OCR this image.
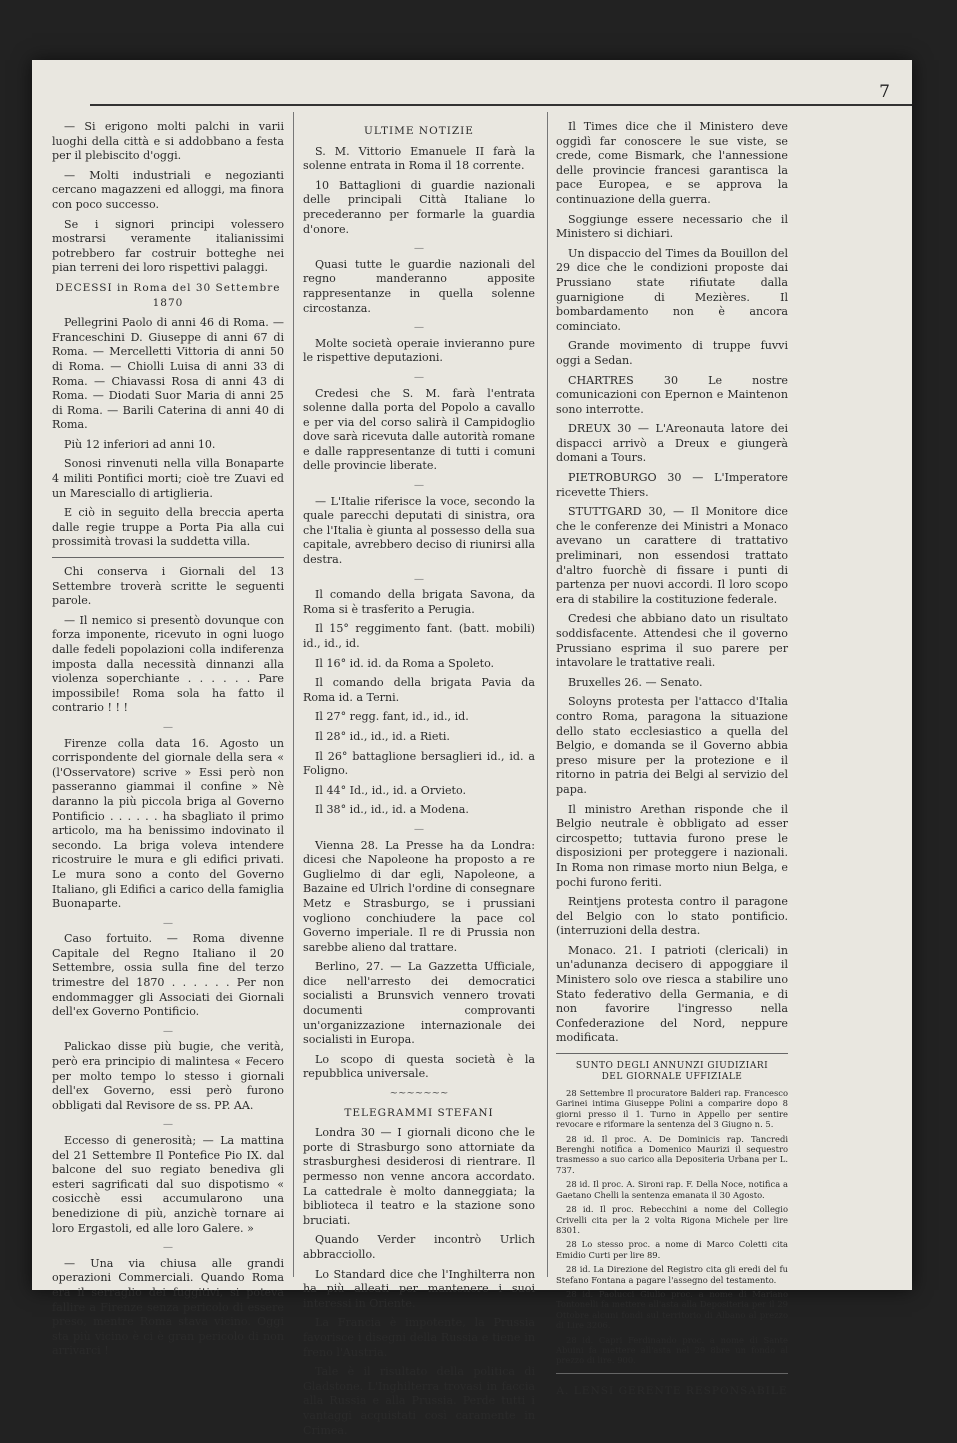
7

— Si erigono molti palchi in varii luoghi della città e si addobbano a festa per il plebiscito d'oggi.

— Molti industriali e negozianti cercano magazzeni ed alloggi, ma finora con poco successo.

Se i signori principi volessero mostrarsi veramente italianissimi potrebbero far costruir botteghe nei pian terreni dei loro rispettivi palaggi.

DECESSI in Roma del 30 Settembre 1870

Pellegrini Paolo di anni 46 di Roma. — Franceschini D. Giuseppe di anni 67 di Roma. — Mercelletti Vittoria di anni 50 di Roma. — Chiolli Luisa di anni 33 di Roma. — Chiavassi Rosa di anni 43 di Roma. — Diodati Suor Maria di anni 25 di Roma. — Barili Caterina di anni 40 di Roma.

Più 12 inferiori ad anni 10.

Sonosi rinvenuti nella villa Bonaparte 4 militi Pontifici morti; cioè tre Zuavi ed un Maresciallo di artiglieria.

E ciò in seguito della breccia aperta dalle regie truppe a Porta Pia alla cui prossimità trovasi la suddetta villa.

Chi conserva i Giornali del 13 Settembre troverà scritte le seguenti parole.

— Il nemico si presentò dovunque con forza imponente, ricevuto in ogni luogo dalle fedeli popolazioni colla indiferenza imposta dalla necessità dinnanzi alla violenza soperchiante . . . . . . Pare impossibile! Roma sola ha fatto il contrario ! ! !

—

Firenze colla data 16. Agosto un corrispondente del giornale della sera « (l'Osservatore) scrive » Essi però non passeranno giammai il confine » Nè daranno la più piccola briga al Governo Pontificio . . . . . . ha sbagliato il primo articolo, ma ha benissimo indovinato il secondo. La briga voleva intendere ricostruire le mura e gli edifici privati. Le mura sono a conto del Governo Italiano, gli Edifici a carico della famiglia Buonaparte.

—

Caso fortuito. — Roma divenne Capitale del Regno Italiano il 20 Settembre, ossia sulla fine del terzo trimestre del 1870 . . . . . . Per non endommagger gli Associati dei Giornali dell'ex Governo Pontificio.

—

Palickao disse più bugie, che verità, però era principio di malintesa « Fecero per molto tempo lo stesso i giornali dell'ex Governo, essi però furono obbligati dal Revisore de ss. PP. AA.

—

Eccesso di generosità; — La mattina del 21 Settembre Il Pontefice Pio IX. dal balcone del suo regiato benediva gli esteri sagrificati dal suo dispotismo « cosicchè essi accumularono una benedizione di più, anzichè tornare ai loro Ergastoli, ed alle loro Galere. »

—

— Una via chiusa alle grandi operazioni Commerciali. Quando Roma era il serraglio dei fuggitivi, si poteva fallire a Firenze senza pericolo di essere preso, mentre Roma stava vicino. Oggi sta più vicino è ci è gran pericolo di non arrivarci !

ULTIME NOTIZIE

S. M. Vittorio Emanuele II farà la solenne entrata in Roma il 18 corrente.

10 Battaglioni di guardie nazionali delle principali Città Italiane lo precederanno per formarle la guardia d'onore.

—

Quasi tutte le guardie nazionali del regno manderanno apposite rappresentanze in quella solenne circostanza.

—

Molte società operaie invieranno pure le rispettive deputazioni.

—

Credesi che S. M. farà l'entrata solenne dalla porta del Popolo a cavallo e per via del corso salirà il Campidoglio dove sarà ricevuta dalle autorità romane e dalle rappresentanze di tutti i comuni delle provincie liberate.

—

— L'Italie riferisce la voce, secondo la quale parecchi deputati di sinistra, ora che l'Italia è giunta al possesso della sua capitale, avrebbero deciso di riunirsi alla destra.

—

Il comando della brigata Savona, da Roma si è trasferito a Perugia.

Il 15° reggimento fant. (batt. mobili) id., id., id.

Il 16° id. id. da Roma a Spoleto.

Il comando della brigata Pavia da Roma id. a Terni.

Il 27° regg. fant, id., id., id.

Il 28° id., id., id. a Rieti.

Il 26° battaglione bersaglieri id., id. a Foligno.

Il 44° Id., id., id. a Orvieto.

Il 38° id., id., id. a Modena.

—

Vienna 28. La Presse ha da Londra: dicesi che Napoleone ha proposto a re Guglielmo di dar egli, Napoleone, a Bazaine ed Ulrich l'ordine di consegnare Metz e Strasburgo, se i prussiani vogliono conchiudere la pace col Governo imperiale. Il re di Prussia non sarebbe alieno dal trattare.

Berlino, 27. — La Gazzetta Ufficiale, dice nell'arresto dei democratici socialisti a Brunsvich vennero trovati documenti comprovanti un'organizzazione internazionale dei socialisti in Europa.

Lo scopo di questa società è la repubblica universale.

~~~~~~~
TELEGRAMMI STEFANI

Londra 30 — I giornali dicono che le porte di Strasburgo sono attorniate da strasburghesi desiderosi di rientrare. Il permesso non venne ancora accordato. La cattedrale è molto danneggiata; la biblioteca il teatro e la stazione sono bruciati.

Quando Verder incontrò Urlich abbracciollo.

Lo Standard dice che l'Inghilterra non ha più alleati per mantenere i suoi interessi in Oriente.

La Francia è impotente, la Prussia favorisce i disegni della Russia e tiene in freno l'Austria.

Tale è il risultato della politica di Gladstone. L'Inghilterra trovasi in faccia alla Russia e alla Prussia. Perde tutti i vantaggi acquistati così caramente in Crimea.

Il Times dice che il Ministero deve oggidì far conoscere le sue viste, se crede, come Bismark, che l'annessione delle provincie francesi garantisca la pace Europea, e se approva la continuazione della guerra.

Soggiunge essere necessario che il Ministero si dichiari.

Un dispaccio del Times da Bouillon del 29 dice che le condizioni proposte dai Prussiano state rifiutate dalla guarnigione di Mezières. Il bombardamento non è ancora cominciato.

Grande movimento di truppe fuvvi oggi a Sedan.

CHARTRES 30 Le nostre comunicazioni con Epernon e Maintenon sono interrotte.

DREUX 30 — L'Areonauta latore dei dispacci arrivò a Dreux e giungerà domani a Tours.

PIETROBURGO 30 — L'Imperatore ricevette Thiers.

STUTTGARD 30, — Il Monitore dice che le conferenze dei Ministri a Monaco avevano un carattere di trattativo preliminari, non essendosi trattato d'altro fuorchè di fissare i punti di partenza per nuovi accordi. Il loro scopo era di stabilire la costituzione federale.

Credesi che abbiano dato un risultato soddisfacente. Attendesi che il governo Prussiano esprima il suo parere per intavolare le trattative reali.

Bruxelles 26. — Senato.

Soloyns protesta per l'attacco d'Italia contro Roma, paragona la situazione dello stato ecclesiastico a quella del Belgio, e domanda se il Governo abbia preso misure per la protezione e il ritorno in patria dei Belgi al servizio del papa.

Il ministro Arethan risponde che il Belgio neutrale è obbligato ad esser circospetto; tuttavia furono prese le disposizioni per proteggere i nazionali. In Roma non rimase morto niun Belga, e pochi furono feriti.

Reintjens protesta contro il paragone del Belgio con lo stato pontificio. (interruzioni della destra.

Monaco. 21. I patrioti (clericali) in un'adunanza decisero di appoggiare il Ministero solo ove riesca a stabilire uno Stato federativo della Germania, e di non favorire l'ingresso nella Confederazione del Nord, neppure modificata.

SUNTO DEGLI ANNUNZI GIUDIZIARI
DEL GIORNALE UFFIZIALE

28 Settembre Il procuratore Balderi rap. Francesco Garinei intima Giuseppe Polini a comparire dopo 8 giorni presso il 1. Turno in Appello per sentire revocare e riformare la sentenza del 3 Giugno n. 5.

28 id. Il proc. A. De Dominicis rap. Tancredi Berenghi notifica a Domenico Maurizi il sequestro trasmesso a suo carico alla Depositeria Urbana per L. 737.

28 id. Il proc. A. Sironi rap. F. Della Noce, notifica a Gaetano Chelli la sentenza emanata il 30 Agosto.

28 id. Il proc. Rebecchini a nome del Collegio Crivelli cita per la 2 volta Rigona Michele per lire 8301.

28 Lo stesso proc. a nome di Marco Coletti cita Emidio Curti per lire 89.

28 id. La Direzione del Registro cita gli eredi del fu Stefano Fontana a pagare l'assegno del testamento.

28 id. Paolucci Giulio proc. a nome di Mariano Tontonelli fa mettere all'asta alla Depositeria per il 29 Ottobre alcuni fondi sul territorio di Albano al prezzo di Lire 3206.

28 id. Capri Ferdinando proc. a nome di Sante Abuini fa mettere all'asta nel 29 8bre un fondo al prezzo di lire. 900.

A. LENSI GERENTE RESPONSABILE
